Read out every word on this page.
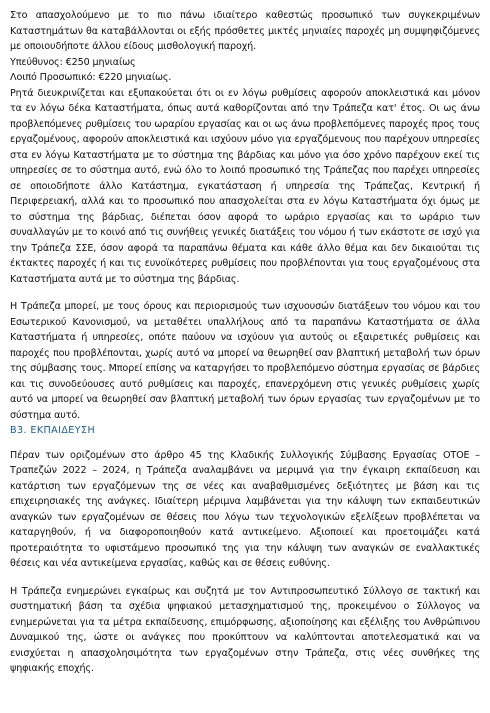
Στο απασχολούμενο με το πιο πάνω ιδιαίτερο καθεστώς προσωπικό των συγκεκριμένων Καταστημάτων θα καταβάλλονται οι εξής πρόσθετες μικτές μηνιαίες παροχές μη συμψηφιζόμενες με οποιουδήποτε άλλου είδους μισθολογική παροχή.

Υπεύθυνος: €250 μηνιαίως

Λοιπό Προσωπικό: €220 μηνιαίως.

Ρητά διευκρινίζεται και εξυπακούεται ότι οι εν λόγω ρυθμίσεις αφορούν αποκλειστικά και μόνον τα εν λόγω δέκα Καταστήματα, όπως αυτά καθορίζονται από την Τράπεζα κατ' έτος. Οι ως άνω προβλεπόμενες ρυθμίσεις του ωραρίου εργασίας και οι ως άνω προβλεπόμενες παροχές προς τους εργαζομένους, αφορούν αποκλειστικά και ισχύουν μόνο για εργαζόμενους που παρέχουν υπηρεσίες στα εν λόγω Καταστήματα με το σύστημα της βάρδιας και μόνο για όσο χρόνο παρέχουν εκεί τις υπηρεσίες σε το σύστημα αυτό, ενώ όλο το λοιπό προσωπικό της Τράπεζας που παρέχει υπηρεσίες σε οποιοδήποτε άλλο Κατάστημα, εγκατάσταση ή υπηρεσία της Τράπεζας, Κεντρική ή Περιφερειακή, αλλά και το προσωπικό που απασχολείται στα εν λόγω Καταστήματα όχι όμως με το σύστημα της βάρδιας, διέπεται όσον αφορά το ωράριο εργασίας και το ωράριο των συναλλαγών με το κοινό από τις συνήθεις γενικές διατάξεις του νόμου ή των εκάστοτε σε ισχύ για την Τράπεζα ΣΣΕ, όσον αφορά τα παραπάνω θέματα και κάθε άλλο θέμα και δεν δικαιούται τις έκτακτες παροχές ή και τις ευνοϊκότερες ρυθμίσεις που προβλέπονται για τους εργαζομένους στα Καταστήματα αυτά με το σύστημα της βάρδιας.

Η Τράπεζα μπορεί, με τους όρους και περιορισμούς των ισχυουσών διατάξεων του νόμου και του Εσωτερικού Κανονισμού, να μεταθέτει υπαλλήλους από τα παραπάνω Καταστήματα σε άλλα Καταστήματα ή υπηρεσίες, οπότε παύουν να ισχύουν για αυτούς οι εξαιρετικές ρυθμίσεις και παροχές που προβλέπονται, χωρίς αυτό να μπορεί να θεωρηθεί σαν βλαπτική μεταβολή των όρων της σύμβασης τους. Μπορεί επίσης να καταργήσει το προβλεπόμενο σύστημα εργασίας σε βάρδιες και τις συνοδεύουσες αυτό ρυθμίσεις και παροχές, επανερχόμενη στις γενικές ρυθμίσεις χωρίς αυτό να μπορεί να θεωρηθεί σαν βλαπτική μεταβολή των όρων εργασίας των εργαζομένων με το σύστημα αυτό.

Β3. ΕΚΠΑΙΔΕΥΣΗ

Πέραν των οριζομένων στο άρθρο 45 της Κλαδικής Συλλογικής Σύμβασης Εργασίας ΟΤΟΕ – Τραπεζών 2022 – 2024, η Τράπεζα αναλαμβάνει να μεριμνά για την έγκαιρη εκπαίδευση και κατάρτιση των εργαζόμενων της σε νέες και αναβαθμισμένες δεξιότητες με βάση και τις επιχειρησιακές της ανάγκες. Ιδιαίτερη μέριμνα λαμβάνεται για την κάλυψη των εκπαιδευτικών αναγκών των εργαζομένων σε θέσεις που λόγω των τεχνολογικών εξελίξεων προβλέπεται να καταργηθούν, ή να διαφοροποιηθούν κατά αντικείμενο. Αξιοποιεί και προετοιμάζει κατά προτεραιότητα το υφιστάμενο προσωπικό της για την κάλυψη των αναγκών σε εναλλακτικές θέσεις και νέα αντικείμενα εργασίας, καθώς και σε θέσεις ευθύνης.

Η Τράπεζα ενημερώνει εγκαίρως και συζητά με τον Αντιπροσωπευτικό Σύλλογο σε τακτική και συστηματική βάση τα σχέδια ψηφιακού μετασχηματισμού της, προκειμένου ο Σύλλογος να ενημερώνεται για τα μέτρα εκπαίδευσης, επιμόρφωσης, αξιοποίησης και εξέλιξης του Ανθρώπινου Δυναμικού της, ώστε οι ανάγκες που προκύπτουν να καλύπτονται αποτελεσματικά και να ενισχύεται η απασχολησιμότητα των εργαζομένων στην Τράπεζα, στις νέες συνθήκες της ψηφιακής εποχής.
